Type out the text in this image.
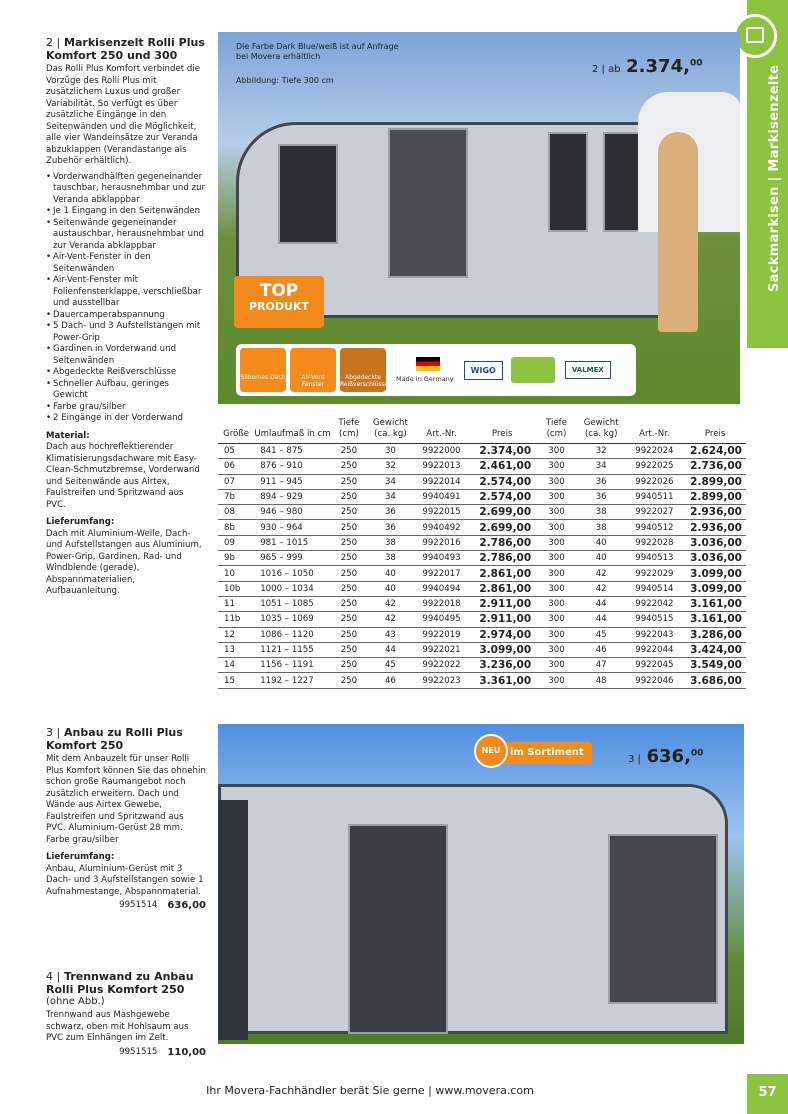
Sackmarkisen | Markisenzelte
2 | Markisenzelt Rolli Plus Komfort 250 und 300
Das Rolli Plus Komfort verbindet die Vorzüge des Rolli Plus mit zusätzlichem Luxus und großer Variabilität. So verfügt es über zusätzliche Eingänge in den Seitenwänden und die Möglichkeit, alle vier Wandeinsätze zur Veranda abzuklappen (Verandastange als Zubehör erhältlich).
• Vorderwandhälften gegeneinander tauschbar, herausnehmbar und zur Veranda abklappbar
• Je 1 Eingang in den Seitenwänden
• Seitenwände gegeneinander austauschbar, herausnehmbar und zur Veranda abklappbar
• Air-Vent-Fenster in den Seitenwänden
• Air-Vent-Fenster mit Folienfensterklappe, verschließbar und ausstellbar
• Dauercamperabspannung
• 5 Dach- und 3 Aufstellstangen mit Power-Grip
• Gardinen in Vorderwand und Seitenwänden
• Abgedeckte Reißverschlüsse
• Schneller Aufbau, geringes Gewicht
• Farbe grau/silber
• 2 Eingänge in der Vorderwand
Material:
Dach aus hochreflektierender Klimatisierungsdachware mit Easy-Clean-Schmutzbremse, Vorderwand und Seitenwände aus Airtex, Faulstreifen und Spritzwand aus PVC.
Lieferumfang:
Dach mit Aluminium-Welle, Dach- und Aufstellstangen aus Aluminium, Power-Grip, Gardinen, Rad- und Windblende (gerade), Abspannmaterialien, Aufbauanleitung.
Die Farbe Dark Blue/weiß ist auf Anfrage bei Movera erhältlich
Abbildung: Tiefe 300 cm
2 | ab 2.374,00
TOP
PRODUKT
Silbernes Dach	Air-Vent Fenster
Abgedeckte Reißverschlüsse
Made in Germany
WIGO	VALMEX
Größe	Umlaufmaß in cm	Tiefe (cm)	Gewicht (ca. kg)	Art.-Nr.	Preis	Tiefe (cm)	Gewicht (ca. kg)	Art.-Nr.	Preis
05	841 – 875	250	30	9922000	2.374,00	300	32	9922024	2.624,00
06	876 – 910	250	32	9922013	2.461,00	300	34	9922025	2.736,00
07	911 – 945	250	34	9922014	2.574,00	300	36	9922026	2.899,00
7b	894 – 929	250	34	9940491	2.574,00	300	36	9940511	2.899,00
08	946 – 980	250	36	9922015	2.699,00	300	38	9922027	2.936,00
8b	930 – 964	250	36	9940492	2.699,00	300	38	9940512	2.936,00
09	981 – 1015	250	38	9922016	2.786,00	300	40	9922028	3.036,00
9b	965 – 999	250	38	9940493	2.786,00	300	40	9940513	3.036,00
10	1016 – 1050	250	40	9922017	2.861,00	300	42	9922029	3.099,00
10b	1000 – 1034	250	40	9940494	2.861,00	300	42	9940514	3.099,00
11	1051 – 1085	250	42	9922018	2.911,00	300	44	9922042	3.161,00
11b	1035 – 1069	250	42	9940495	2.911,00	300	44	9940515	3.161,00
12	1086 – 1120	250	43	9922019	2.974,00	300	45	9922043	3.286,00
13	1121 – 1155	250	44	9922021	3.099,00	300	46	9922044	3.424,00
14	1156 – 1191	250	45	9922022	3.236,00	300	47	9922045	3.549,00
15	1192 – 1227	250	46	9922023	3.361,00	300	48	9922046	3.686,00
3 | Anbau zu Rolli Plus Komfort 250
Mit dem Anbauzelt für unser Rolli Plus Komfort können Sie das ohnehin schon große Raumangebot noch zusätzlich erweitern. Dach und Wände aus Airtex Gewebe, Faulstreifen und Spritzwand aus PVC. Aluminium-Gerüst 28 mm. Farbe grau/silber
Lieferumfang:
Anbau, Aluminium-Gerüst mit 3 Dach- und 3 Aufstellstangen sowie 1 Aufnahmestange, Abspannmaterial.
9951514 636,00
4 | Trennwand zu Anbau Rolli Plus Komfort 250
(ohne Abb.)
Trennwand aus Mashgewebe schwarz, oben mit Hohlsaum aus PVC zum Einhängen im Zelt.
9951515 110,00
NEU im Sortiment
3 | 636,00
Ihr Movera-Fachhändler berät Sie gerne | www.movera.com	57
